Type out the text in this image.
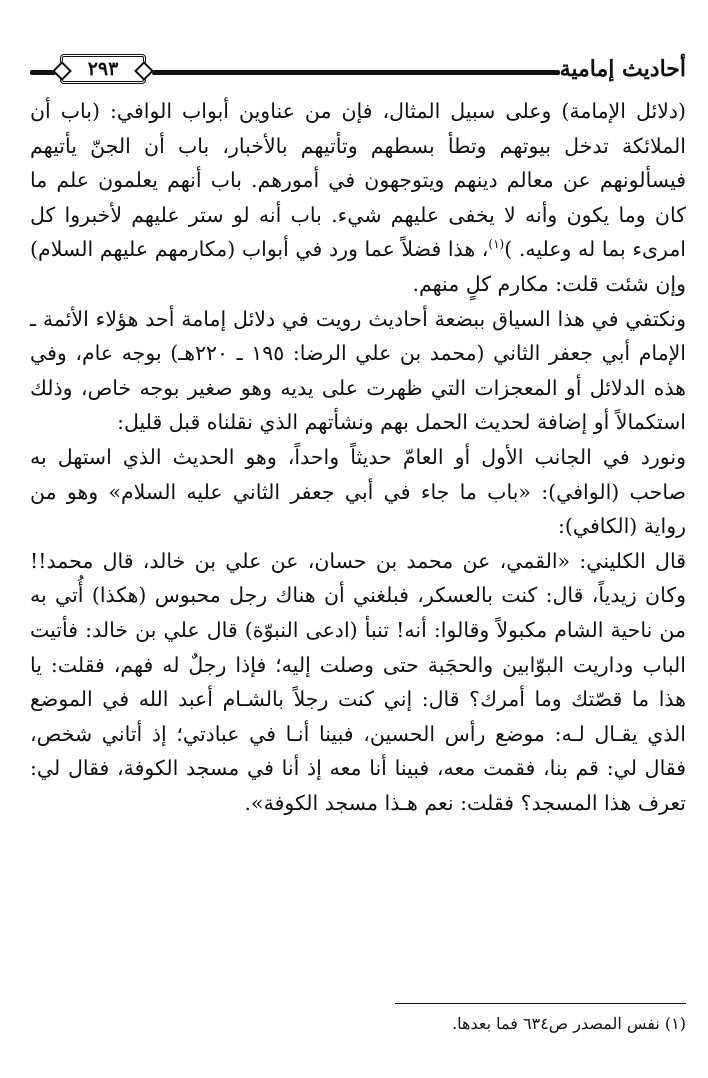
أحاديث إمامية
٢٩٣

(دلائل الإمامة) وعلى سبيل المثال، فإن من عناوين أبواب الوافي: (باب أن الملائكة تدخل بيوتهم وتطأ بسطهم وتأتيهم بالأخبار، باب أن الجنّ يأتيهم فيسألونهم عن معالم دينهم ويتوجهون في أمورهم. باب أنهم يعلمون علم ما كان وما يكون وأنه لا يخفى عليهم شيء. باب أنه لو ستر عليهم لأخبروا كل امرىء بما له وعليه. )$^{(١)}$، هذا فضلاً عما ورد في أبواب (مكارمهم عليهم السلام) وإن شئت قلت: مكارم كلٍ منهم.

ونكتفي في هذا السياق ببضعة أحاديث رويت في دلائل إمامة أحد هؤلاء الأئمة ـ الإمام أبي جعفر الثاني (محمد بن علي الرضا: ١٩٥ ـ ٢٢٠هـ) بوجه عام، وفي هذه الدلائل أو المعجزات التي ظهرت على يديه وهو صغير بوجه خاص، وذلك استكمالاً أو إضافة لحديث الحمل بهم ونشأتهم الذي نقلناه قبل قليل:

ونورد في الجانب الأول أو العامّ حديثاً واحداً، وهو الحديث الذي استهل به صاحب (الوافي): «باب ما جاء في أبي جعفر الثاني عليه السلام» وهو من رواية (الكافي):

قال الكليني: «القمي، عن محمد بن حسان، عن علي بن خالد، قال محمد!! وكان زيدياً، قال: كنت بالعسكر، فبلغني أن هناك رجل محبوس (هكذا) أُتي به من ناحية الشام مكبولاً وقالوا: أنه! تنبأ (ادعى النبوّة) قال علي بن خالد: فأتيت الباب وداريت البوّابين والحجَبة حتى وصلت إليه؛ فإذا رجلٌ له فهم، فقلت: يا هذا ما قصّتك وما أمرك؟ قال: إني كنت رجلاً بالشـام أعبد الله في الموضع الذي يقـال لـه: موضع رأس الحسين، فبينا أنـا في عبادتي؛ إذ أتاني شخص، فقال لي: قم بنا، فقمت معه، فبينا أنا معه إذ أنا في مسجد الكوفة، فقال لي: تعرف هذا المسجد؟ فقلت: نعم هـذا مسجد الكوفة».

(١) نفس المصدر ص٦٣٤ فما بعدها.
